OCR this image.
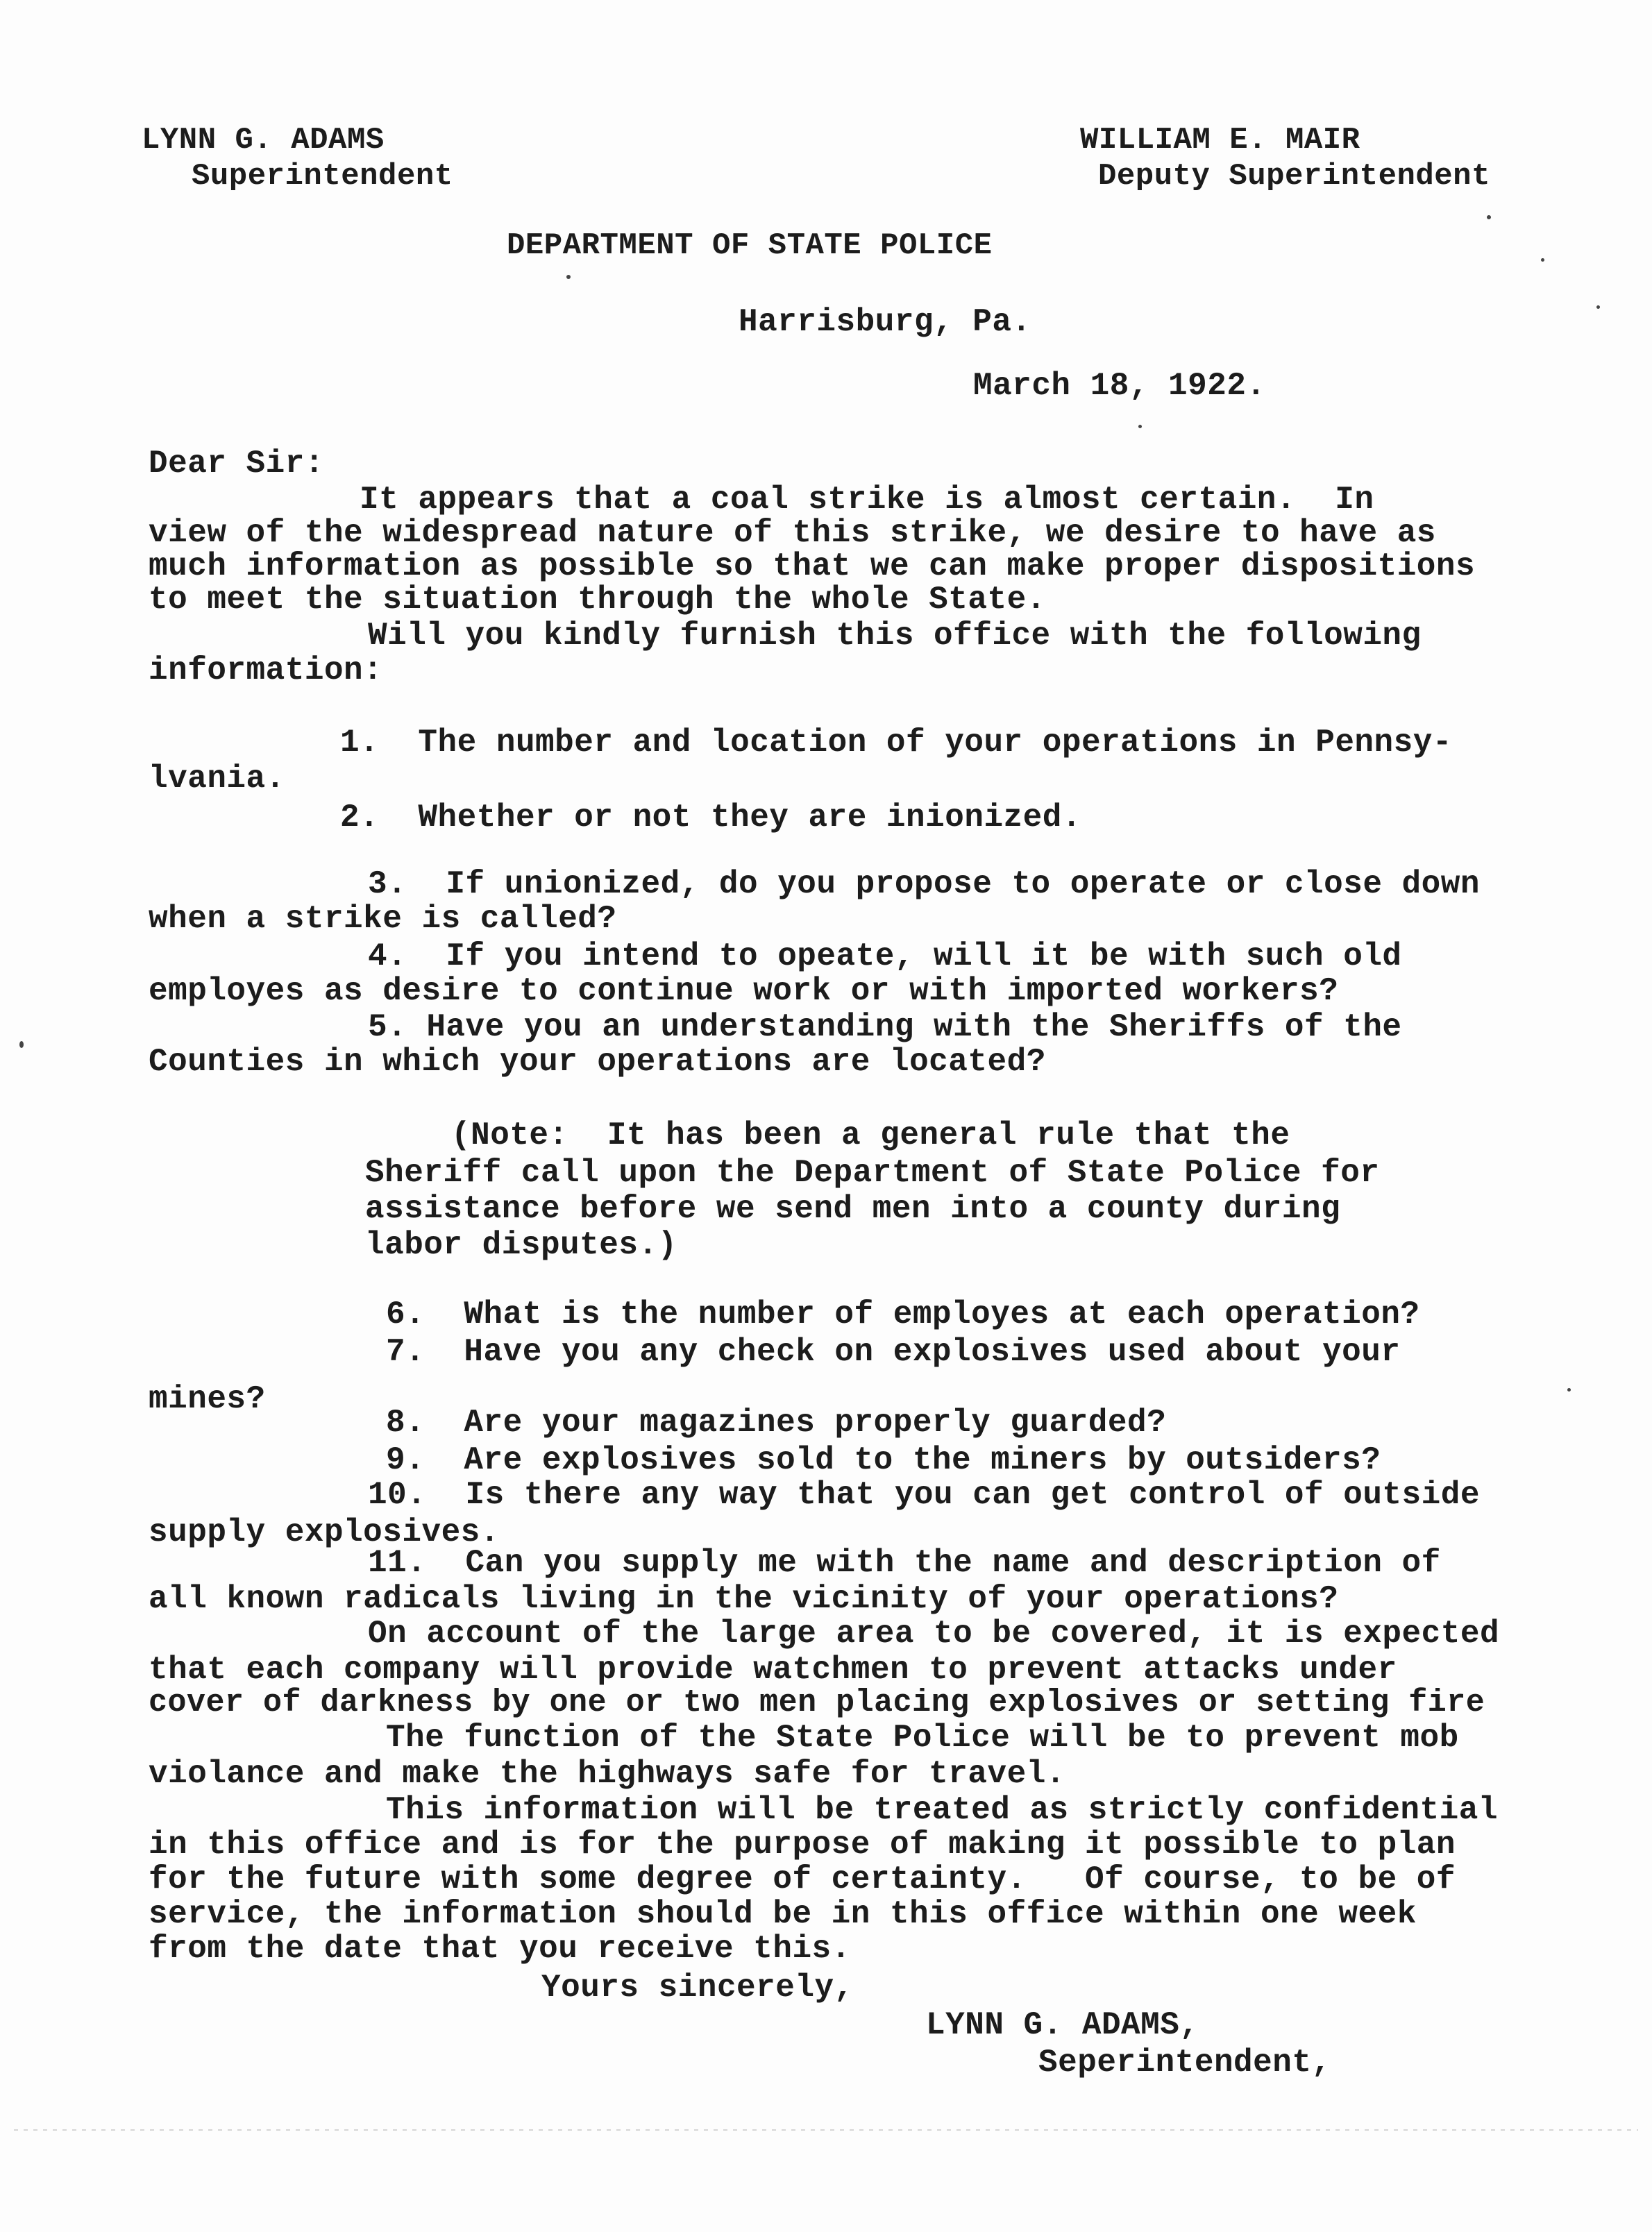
LYNN G. ADAMS

Superintendent

WILLIAM E. MAIR

Deputy Superintendent

DEPARTMENT OF STATE POLICE

Harrisburg, Pa.

March 18, 1922.

Dear Sir:

It appears that a coal strike is almost certain.  In

view of the widespread nature of this strike, we desire to have as

much information as possible so that we can make proper dispositions

to meet the situation through the whole State.

Will you kindly furnish this office with the following

information:

1.  The number and location of your operations in Pennsy-

lvania.

2.  Whether or not they are inionized.

3.  If unionized, do you propose to operate or close down

when a strike is called?

4.  If you intend to opeate, will it be with such old

employes as desire to continue work or with imported workers?

5. Have you an understanding with the Sheriffs of the

Counties in which your operations are located?

(Note:  It has been a general rule that the

Sheriff call upon the Department of State Police for

assistance before we send men into a county during

labor disputes.)

6.  What is the number of employes at each operation?

7.  Have you any check on explosives used about your

mines?

8.  Are your magazines properly guarded?

9.  Are explosives sold to the miners by outsiders?

10.  Is there any way that you can get control of outside

supply explosives.

11.  Can you supply me with the name and description of

all known radicals living in the vicinity of your operations?

On account of the large area to be covered, it is expected

that each company will provide watchmen to prevent attacks under

cover of darkness by one or two men placing explosives or setting fire

The function of the State Police will be to prevent mob

violance and make the highways safe for travel.

This information will be treated as strictly confidential

in this office and is for the purpose of making it possible to plan

for the future with some degree of certainty.   Of course, to be of

service, the information should be in this office within one week

from the date that you receive this.

Yours sincerely,

LYNN G. ADAMS,

Seperintendent,
